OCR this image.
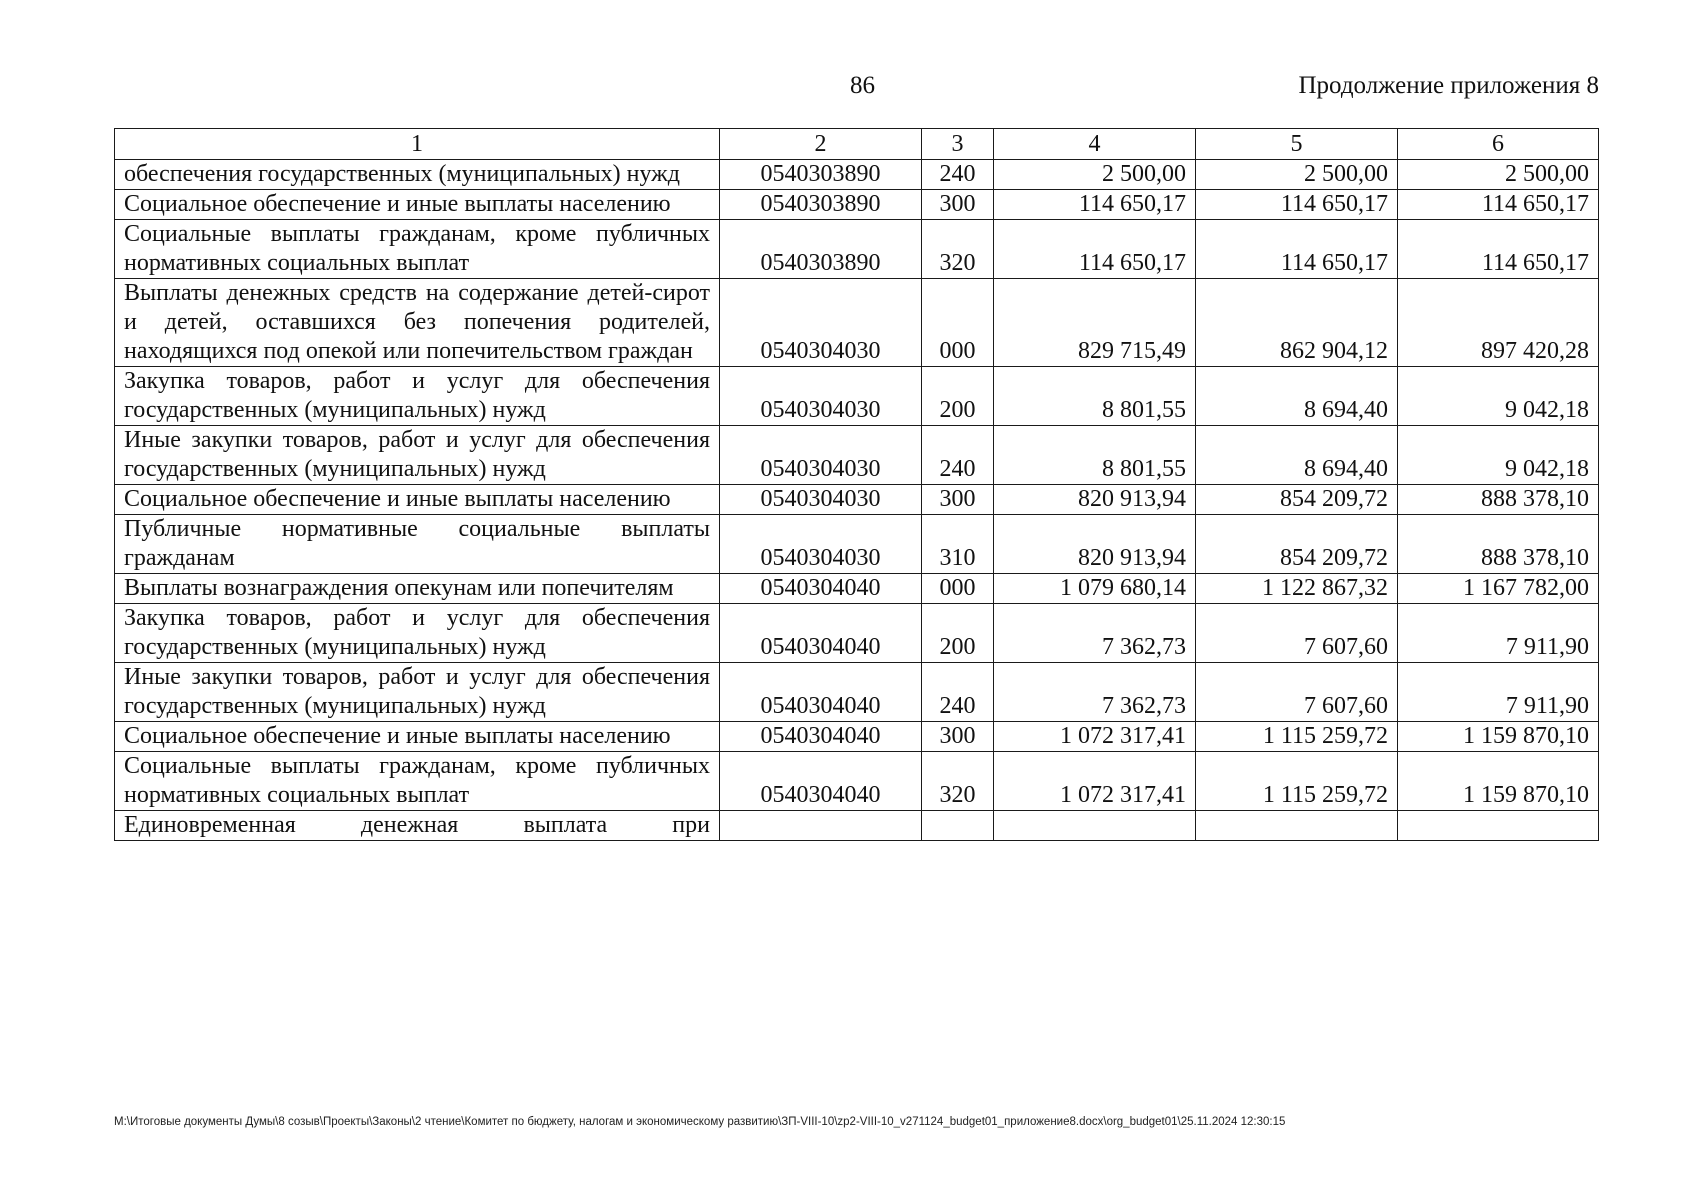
86	Продолжение приложения 8
1	2	3	4	5	6
обеспечения государственных (муниципальных) нужд	0540303890	240	2 500,00	2 500,00	2 500,00
Социальное обеспечение и иные выплаты населению	0540303890	300	114 650,17	114 650,17	114 650,17
Социальные выплаты гражданам, кроме публичных нормативных социальных выплат	0540303890	320	114 650,17	114 650,17	114 650,17
Выплаты денежных средств на содержание детей-сирот и детей, оставшихся без попечения родителей, находящихся под опекой или попечительством граждан	0540304030	000	829 715,49	862 904,12	897 420,28
Закупка товаров, работ и услуг для обеспечения государственных (муниципальных) нужд	0540304030	200	8 801,55	8 694,40	9 042,18
Иные закупки товаров, работ и услуг для обеспечения государственных (муниципальных) нужд	0540304030	240	8 801,55	8 694,40	9 042,18
Социальное обеспечение и иные выплаты населению	0540304030	300	820 913,94	854 209,72	888 378,10
Публичные нормативные социальные выплаты гражданам	0540304030	310	820 913,94	854 209,72	888 378,10
Выплаты вознаграждения опекунам или попечителям	0540304040	000	1 079 680,14	1 122 867,32	1 167 782,00
Закупка товаров, работ и услуг для обеспечения государственных (муниципальных) нужд	0540304040	200	7 362,73	7 607,60	7 911,90
Иные закупки товаров, работ и услуг для обеспечения государственных (муниципальных) нужд	0540304040	240	7 362,73	7 607,60	7 911,90
Социальное обеспечение и иные выплаты населению	0540304040	300	1 072 317,41	1 115 259,72	1 159 870,10
Социальные выплаты гражданам, кроме публичных нормативных социальных выплат	0540304040	320	1 072 317,41	1 115 259,72	1 159 870,10
Единовременная денежная выплата при					
M:\Итоговые документы Думы\8 созыв\Проекты\Законы\2 чтение\Комитет по бюджету, налогам и экономическому развитию\ЗП-VIII-10\zp2-VIII-10_v271124_budget01_приложение8.docx\org_budget01\25.11.2024 12:30:15
